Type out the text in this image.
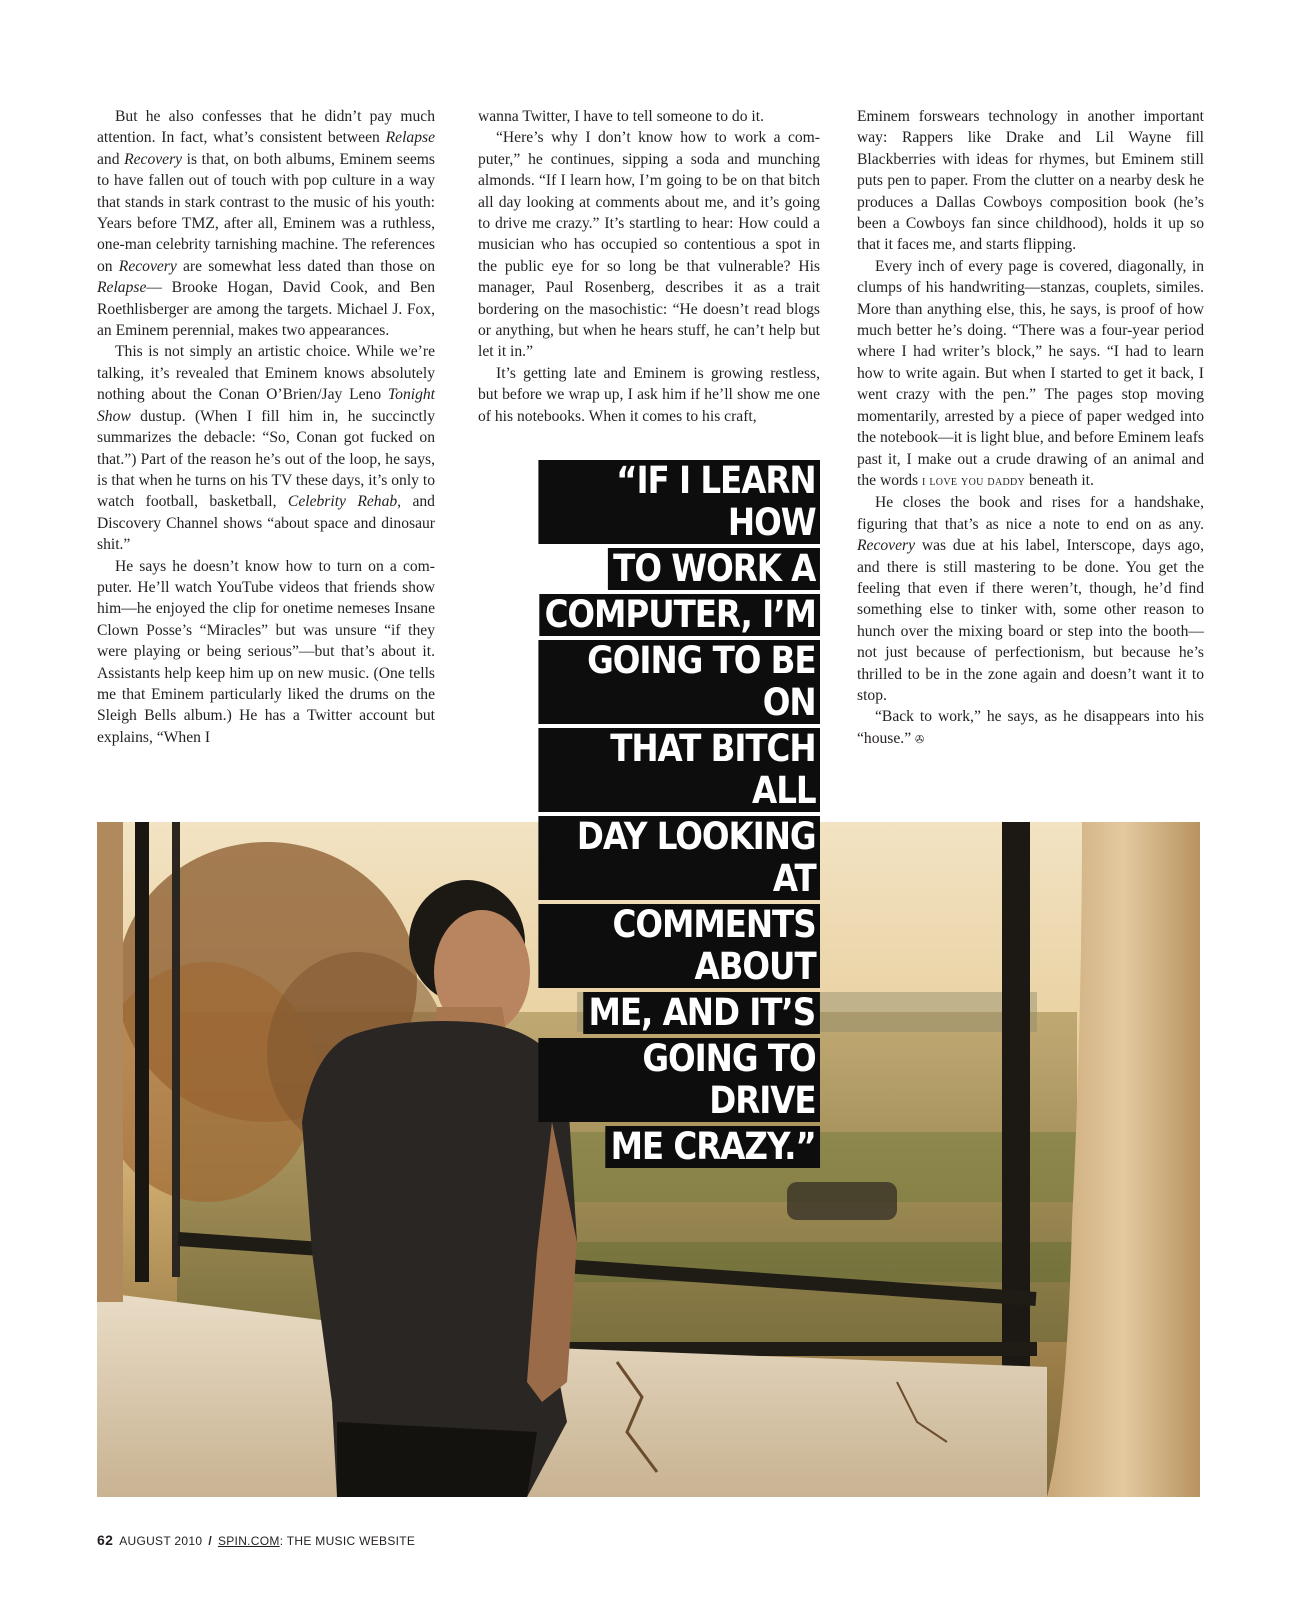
But he also confesses that he didn’t pay much attention. In fact, what’s consistent between Relapse and Recovery is that, on both albums, Eminem seems to have fallen out of touch with pop culture in a way that stands in stark contrast to the music of his youth: Years before TMZ, after all, Eminem was a ruthless, one-man celebrity tarnishing machine. The references on Recovery are somewhat less dated than those on Relapse— Brooke Hogan, David Cook, and Ben Roethlisberger are among the targets. Michael J. Fox, an Eminem perennial, makes two appearances.

This is not simply an artistic choice. While we’re talking, it’s revealed that Eminem knows absolutely nothing about the Conan O’Brien/Jay Leno Tonight Show dustup. (When I fill him in, he succinctly summarizes the debacle: “So, Conan got fucked on that.”) Part of the reason he’s out of the loop, he says, is that when he turns on his TV these days, it’s only to watch football, basketball, Celebrity Rehab, and Discovery Channel shows “about space and dinosaur shit.”

He says he doesn’t know how to turn on a computer. He’ll watch YouTube videos that friends show him—he enjoyed the clip for onetime nemeses Insane Clown Posse’s “Miracles” but was unsure “if they were playing or being serious”—but that’s about it. Assistants help keep him up on new music. (One tells me that Eminem particularly liked the drums on the Sleigh Bells album.) He has a Twitter account but explains, “When I

wanna Twitter, I have to tell someone to do it.

“Here’s why I don’t know how to work a computer,” he continues, sipping a soda and munching almonds. “If I learn how, I’m going to be on that bitch all day looking at comments about me, and it’s going to drive me crazy.” It’s startling to hear: How could a musician who has occupied so contentious a spot in the public eye for so long be that vulnerable? His manager, Paul Rosenberg, describes it as a trait bordering on the masochistic: “He doesn’t read blogs or anything, but when he hears stuff, he can’t help but let it in.”

It’s getting late and Eminem is growing restless, but before we wrap up, I ask him if he’ll show me one of his notebooks. When it comes to his craft,

Eminem forswears technology in another important way: Rappers like Drake and Lil Wayne fill Blackberries with ideas for rhymes, but Eminem still puts pen to paper. From the clutter on a nearby desk he produces a Dallas Cowboys composition book (he’s been a Cowboys fan since childhood), holds it up so that it faces me, and starts flipping.

Every inch of every page is covered, diagonally, in clumps of his handwriting—stanzas, couplets, similes. More than anything else, this, he says, is proof of how much better he’s doing. “There was a four-year period where I had writer’s block,” he says. “I had to learn how to write again. But when I started to get it back, I went crazy with the pen.” The pages stop moving momentarily, arrested by a piece of paper wedged into the notebook—it is light blue, and before Eminem leafs past it, I make out a crude drawing of an animal and the words i love you daddy beneath it.

He closes the book and rises for a handshake, figuring that that’s as nice a note to end on as any. Recovery was due at his label, Interscope, days ago, and there is still mastering to be done. You get the feeling that even if there weren’t, though, he’d find something else to tinker with, some other reason to hunch over the mixing board or step into the booth—not just because of perfectionism, but because he’s thrilled to be in the zone again and doesn’t want it to stop.

“Back to work,” he says, as he disappears into his “house.” ✇

“IF I LEARN HOW
TO WORK A
COMPUTER, I’M
GOING TO BE ON
THAT BITCH ALL
DAY LOOKING AT
COMMENTS ABOUT
ME, AND IT’S
GOING TO DRIVE
ME CRAZY.”
62 AUGUST 2010 / SPIN.COM: THE MUSIC WEBSITE
